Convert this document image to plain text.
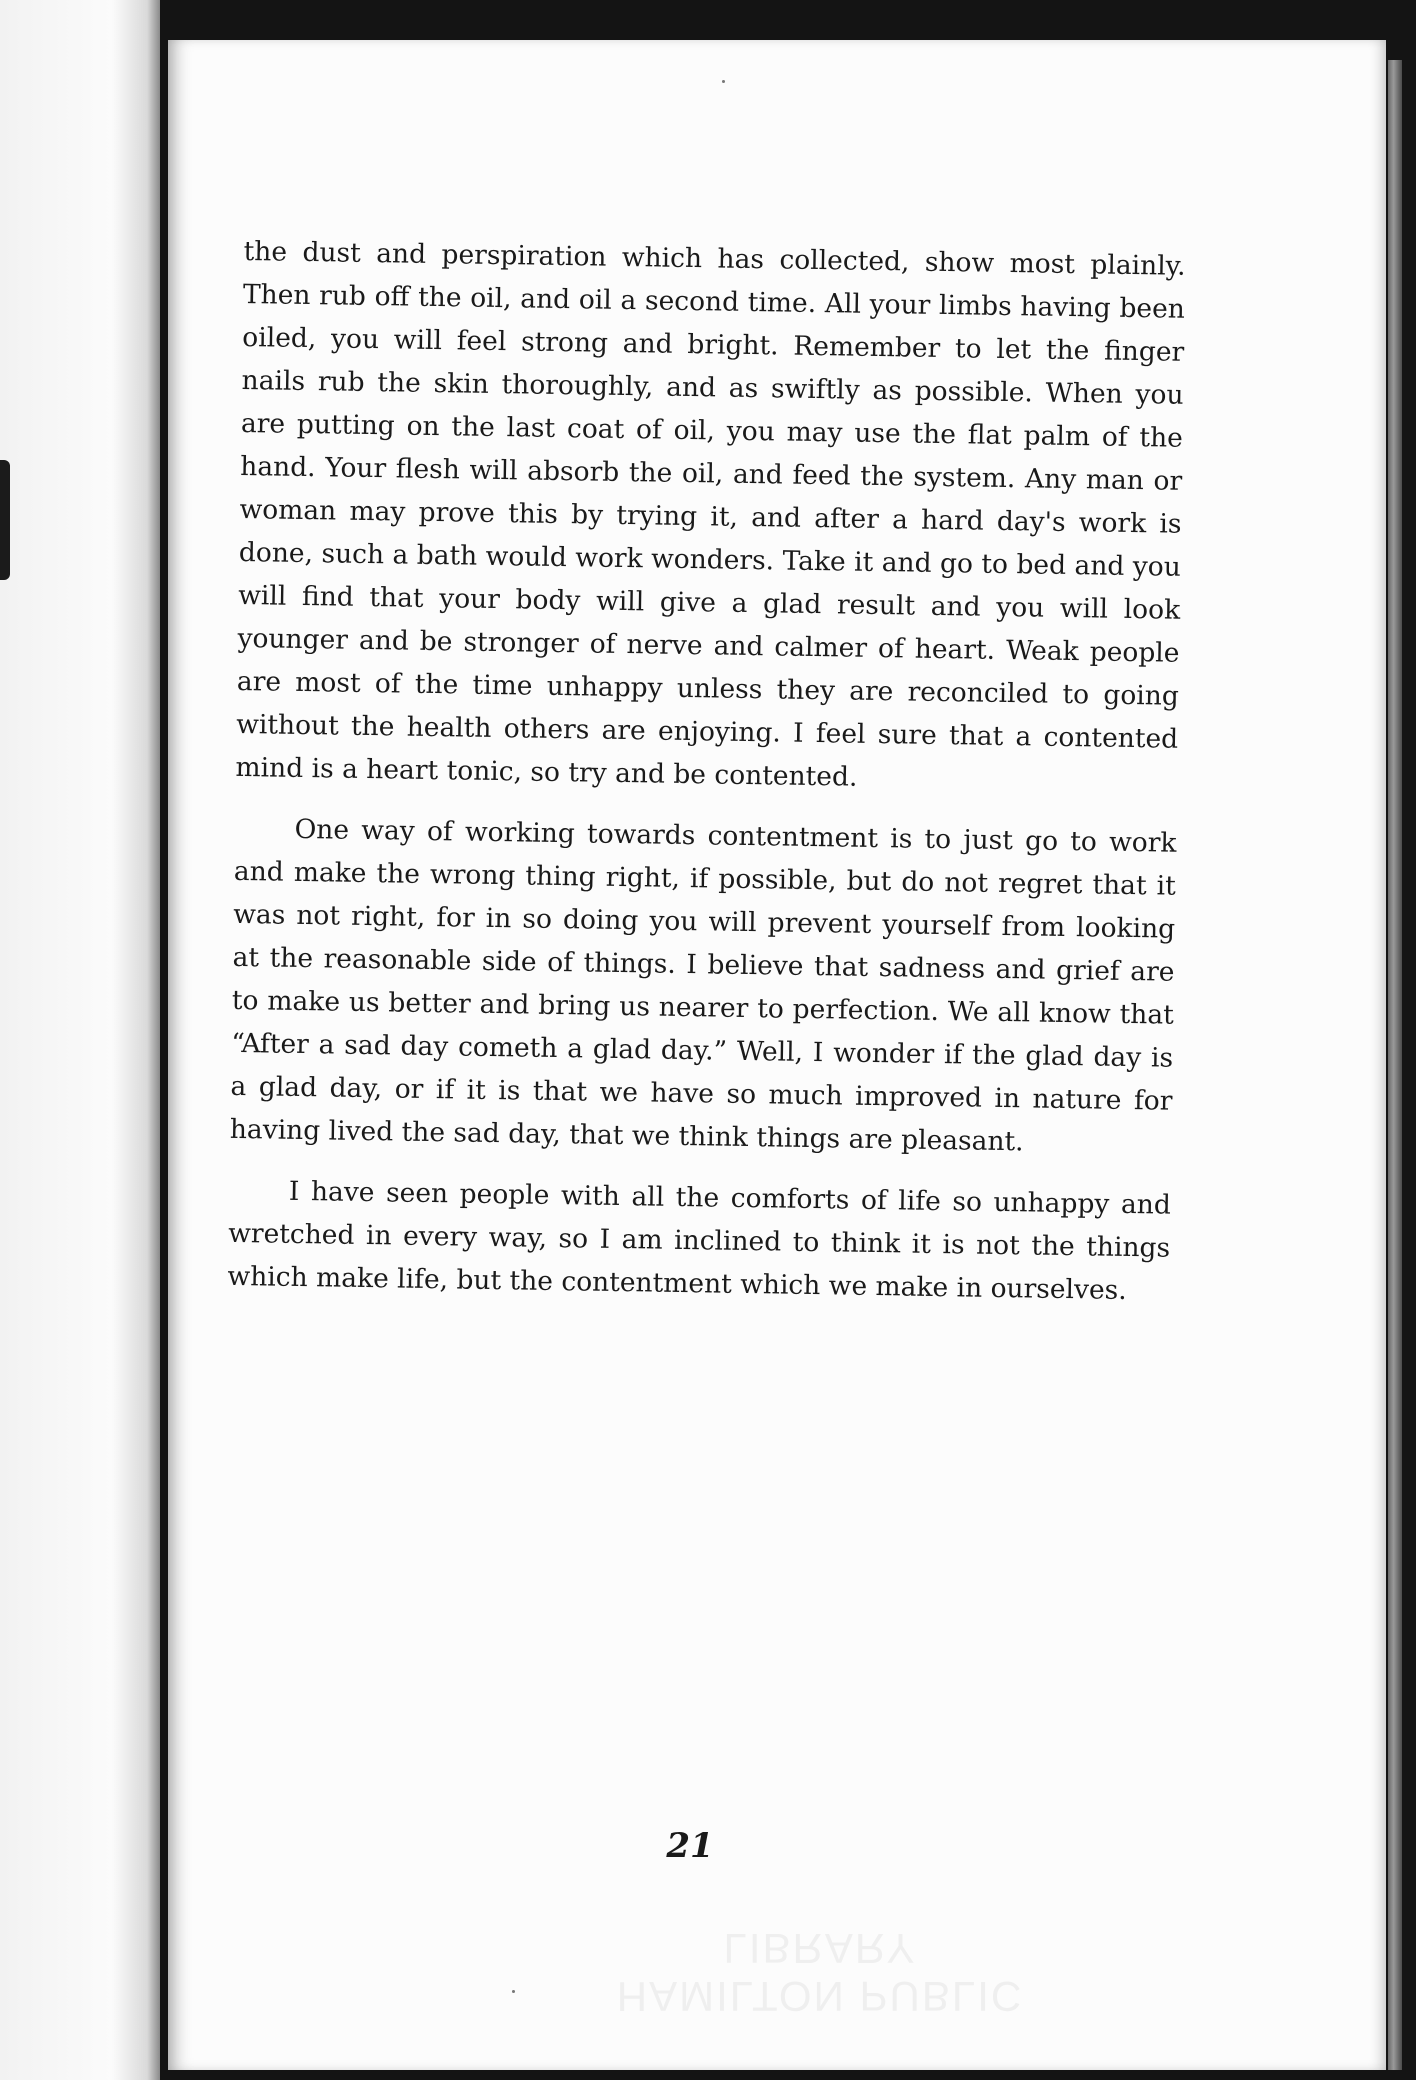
the dust and perspiration which has collected, show most plainly. Then rub off the oil, and oil a second time. All your limbs having been oiled, you will feel strong and bright. Remember to let the finger nails rub the skin thoroughly, and as swiftly as possible. When you are putting on the last coat of oil, you may use the flat palm of the hand. Your flesh will absorb the oil, and feed the system. Any man or woman may prove this by trying it, and after a hard day's work is done, such a bath would work wonders. Take it and go to bed and you will find that your body will give a glad result and you will look younger and be stronger of nerve and calmer of heart. Weak people are most of the time unhappy unless they are reconciled to going without the health others are enjoying. I feel sure that a contented mind is a heart tonic, so try and be contented.

One way of working towards contentment is to just go to work and make the wrong thing right, if possible, but do not regret that it was not right, for in so doing you will prevent yourself from looking at the reasonable side of things. I believe that sadness and grief are to make us better and bring us nearer to perfection. We all know that “After a sad day cometh a glad day.” Well, I wonder if the glad day is a glad day, or if it is that we have so much improved in nature for having lived the sad day, that we think things are pleasant.

I have seen people with all the comforts of life so unhappy and wretched in every way, so I am inclined to think it is not the things which make life, but the contentment which we make in ourselves.

21
HAMILTON PUBLIC LIBRARY
